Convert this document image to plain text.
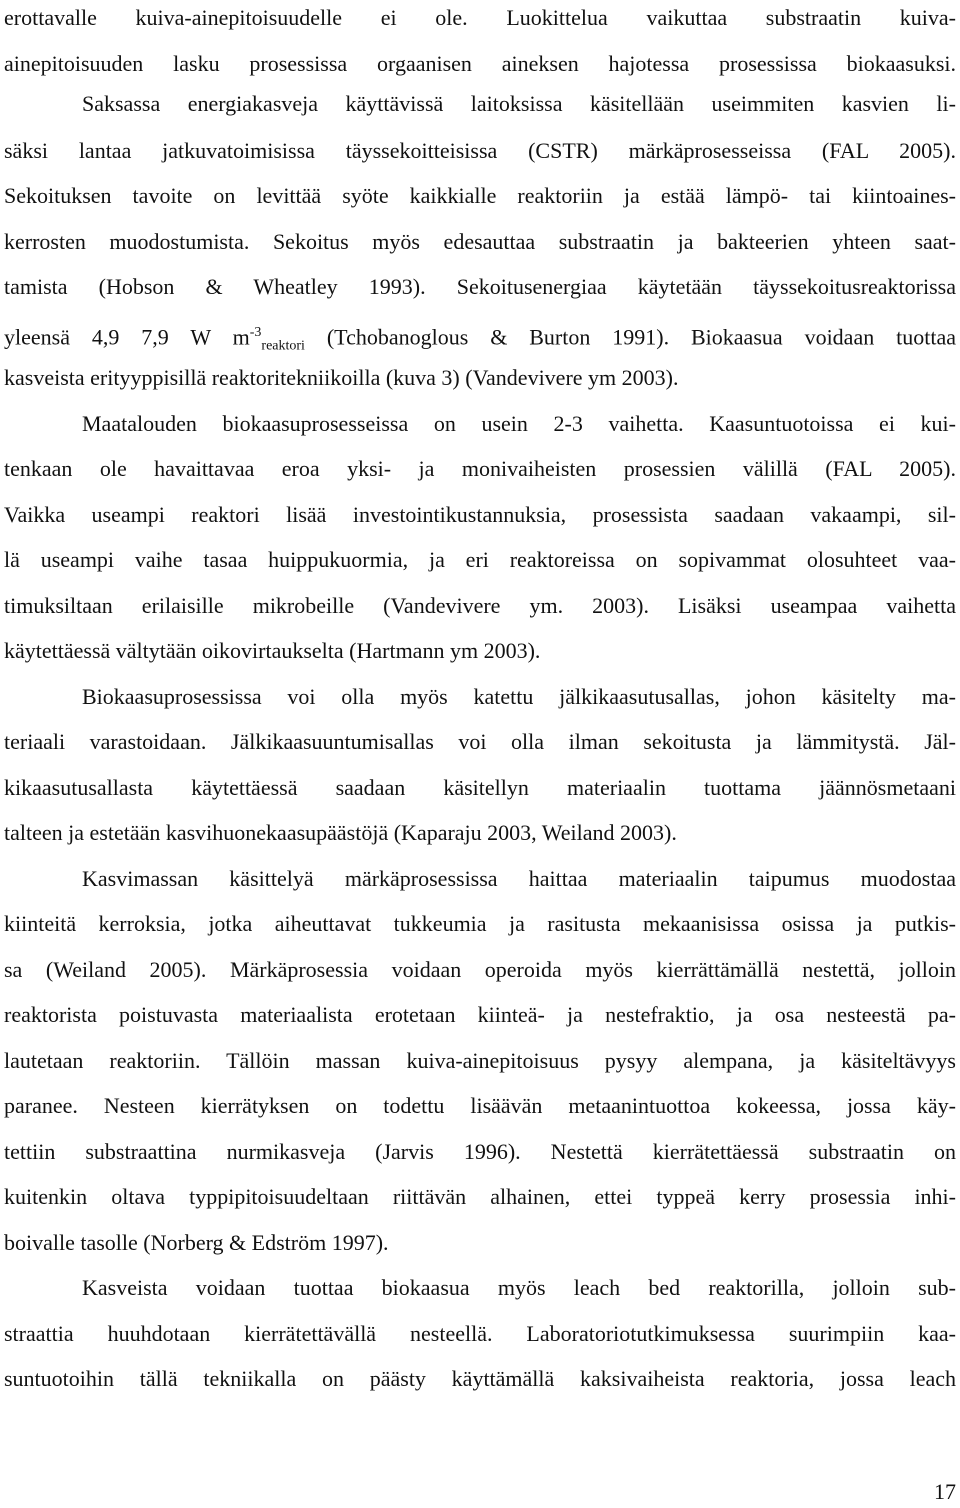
erottavalle kuiva-ainepitoisuudelle ei ole. Luokittelua vaikuttaa substraatin kuiva-
ainepitoisuuden lasku prosessissa orgaanisen aineksen hajotessa prosessissa biokaasuksi.
Saksassa energiakasveja käyttävissä laitoksissa käsitellään useimmiten kasvien li-
säksi lantaa jatkuvatoimisissa täyssekoitteisissa (CSTR) märkäprosesseissa (FAL 2005).
Sekoituksen tavoite on levittää syöte kaikkialle reaktoriin ja estää lämpö- tai kiintoaines-
kerrosten muodostumista. Sekoitus myös edesauttaa substraatin ja bakteerien yhteen saat-
tamista (Hobson & Wheatley 1993). Sekoitusenergiaa käytetään täyssekoitusreaktorissa
yleensä 4,9 7,9 W $m^{-3}_{reaktori}$ (Tchobanoglous & Burton 1991). Biokaasua voidaan tuottaa
kasveista erityyppisillä reaktoritekniikoilla (kuva 3) (Vandevivere ym 2003).
Maatalouden biokaasuprosesseissa on usein 2-3 vaihetta. Kaasuntuotoissa ei kui-
tenkaan ole havaittavaa eroa yksi- ja monivaiheisten prosessien välillä (FAL 2005).
Vaikka useampi reaktori lisää investointikustannuksia, prosessista saadaan vakaampi, sil-
lä useampi vaihe tasaa huippukuormia, ja eri reaktoreissa on sopivammat olosuhteet vaa-
timuksiltaan erilaisille mikrobeille (Vandevivere ym. 2003). Lisäksi useampaa vaihetta
käytettäessä vältytään oikovirtaukselta (Hartmann ym 2003).
Biokaasuprosessissa voi olla myös katettu jälkikaasutusallas, johon käsitelty ma-
teriaali varastoidaan. Jälkikaasuuntumisallas voi olla ilman sekoitusta ja lämmitystä. Jäl-
kikaasutusallasta käytettäessä saadaan käsitellyn materiaalin tuottama jäännösmetaani
talteen ja estetään kasvihuonekaasupäästöjä (Kaparaju 2003, Weiland 2003).
Kasvimassan käsittelyä märkäprosessissa haittaa materiaalin taipumus muodostaa
kiinteitä kerroksia, jotka aiheuttavat tukkeumia ja rasitusta mekaanisissa osissa ja putkis-
sa (Weiland 2005). Märkäprosessia voidaan operoida myös kierrättämällä nestettä, jolloin
reaktorista poistuvasta materiaalista erotetaan kiinteä- ja nestefraktio, ja osa nesteestä pa-
lautetaan reaktoriin. Tällöin massan kuiva-ainepitoisuus pysyy alempana, ja käsiteltävyys
paranee. Nesteen kierrätyksen on todettu lisäävän metaanintuottoa kokeessa, jossa käy-
tettiin substraattina nurmikasveja (Jarvis 1996). Nestettä kierrätettäessä substraatin on
kuitenkin oltava typpipitoisuudeltaan riittävän alhainen, ettei typpeä kerry prosessia inhi-
boivalle tasolle (Norberg & Edström 1997).
Kasveista voidaan tuottaa biokaasua myös leach bed reaktorilla, jolloin sub-
straattia huuhdotaan kierrätettävällä nesteellä. Laboratoriotutkimuksessa suurimpiin kaa-
suntuotoihin tällä tekniikalla on päästy käyttämällä kaksivaiheista reaktoria, jossa leach
17
